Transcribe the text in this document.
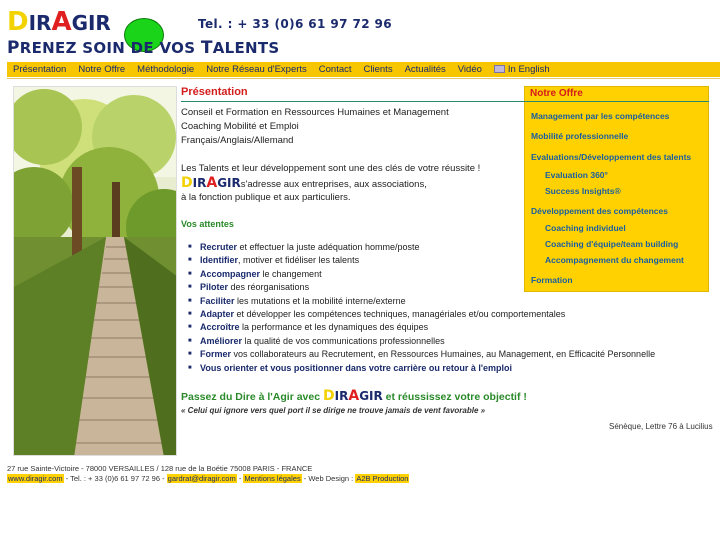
DIRAGIR	Tel. : + 33 (0)6 61 97 72 96
PRENEZ SOIN DE VOS TALENTS
Présentation	Notre Offre	Méthodologie	Notre Réseau d'Experts	Contact	Clients	Actualités	Vidéo	In English
Présentation
Conseil et Formation en Ressources Humaines et Management
Coaching Mobilité et Emploi
Français/Anglais/Allemand
Les Talents et leur développement sont une des clés de votre réussite !
DIRAGIRs'adresse aux entreprises, aux associations,
à la fonction publique et aux particuliers.
Vos attentes
■ Recruter et effectuer la juste adéquation homme/poste
■ Identifier, motiver et fidéliser les talents
■ Accompagner le changement
■ Piloter des réorganisations
■ Faciliter les mutations et la mobilité interne/externe
■ Adapter et développer les compétences techniques, managériales et/ou comportementales
■ Accroître la performance et les dynamiques des équipes
■ Améliorer la qualité de vos communications professionnelles
■ Former vos collaborateurs au Recrutement, en Ressources Humaines, au Management, en Efficacité Personnelle
■ Vous orienter et vous positionner dans votre carrière ou retour à l'emploi
Passez du Dire à l'Agir avec DIRAGIR et réussissez votre objectif !
« Celui qui ignore vers quel port il se dirige ne trouve jamais de vent favorable »
Sénèque, Lettre 76 à Lucilius
Notre Offre
Management par les compétences
Mobilité professionnelle
Evaluations/Développement des talents
Evaluation 360°
Success Insights®
Développement des compétences
Coaching individuel
Coaching d'équipe/team building
Accompagnement du changement
Formation
27 rue Sainte-Victoire - 78000 VERSAILLES / 128 rue de la Boétie 75008 PARIS - FRANCE
www.diragir.com - Tel. : + 33 (0)6 61 97 72 96 - gardrat@diragir.com - Mentions légales - Web Design : A2B Production
